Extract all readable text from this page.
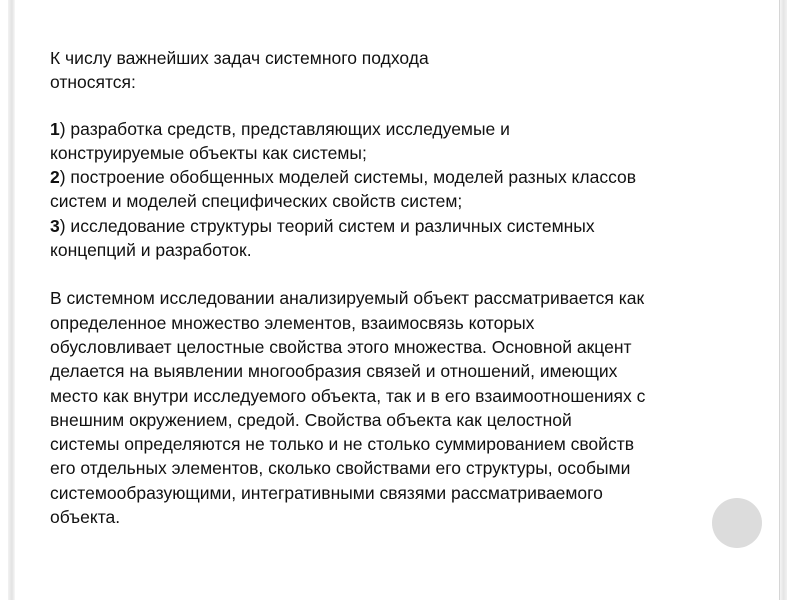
К числу важнейших задач системного подхода
относятся:
1) разработка средств, представляющих исследуемые и
конструируемые объекты как системы;
2) построение обобщенных моделей системы, моделей разных классов
систем и моделей специфических свойств систем;
3) исследование структуры теорий систем и различных системных
концепций и разработок.
В системном исследовании анализируемый объект рассматривается как
определенное множество элементов, взаимосвязь которых
обусловливает целостные свойства этого множества. Основной акцент
делается на выявлении многообразия связей и отношений, имеющих
место как внутри исследуемого объекта, так и в его взаимоотношениях с
внешним окружением, средой. Свойства объекта как целостной
системы определяются не только и не столько суммированием свойств
его отдельных элементов, сколько свойствами его структуры, особыми
системообразующими, интегративными связями рассматриваемого
объекта.
